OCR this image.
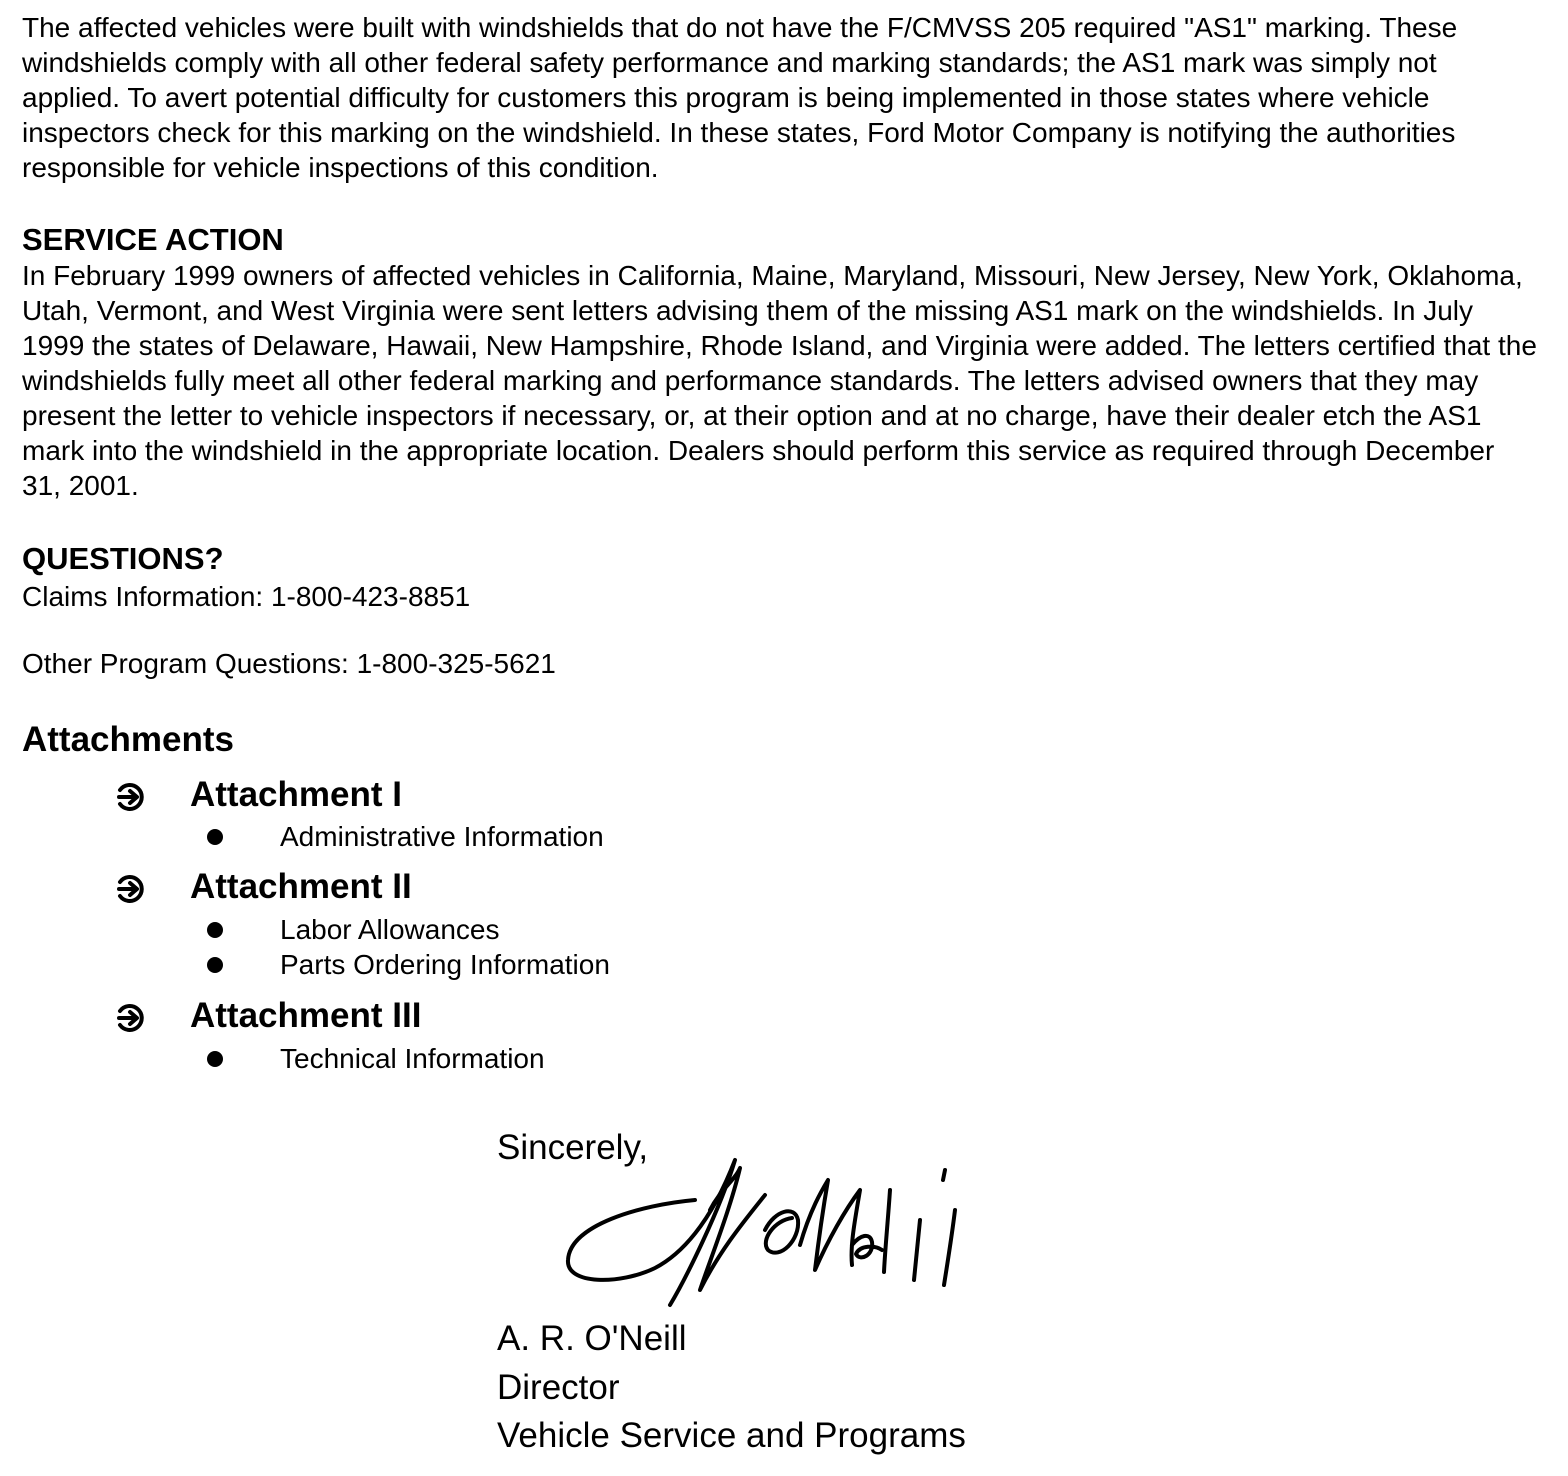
The affected vehicles were built with windshields that do not have the F/CMVSS 205 required "AS1" marking. These windshields comply with all other federal safety performance and marking standards; the AS1 mark was simply not applied. To avert potential difficulty for customers this program is being implemented in those states where vehicle inspectors check for this marking on the windshield. In these states, Ford Motor Company is notifying the authorities responsible for vehicle inspections of this condition.

SERVICE ACTION

In February 1999 owners of affected vehicles in California, Maine, Maryland, Missouri, New Jersey, New York, Oklahoma, Utah, Vermont, and West Virginia were sent letters advising them of the missing AS1 mark on the windshields. In July 1999 the states of Delaware, Hawaii, New Hampshire, Rhode Island, and Virginia were added. The letters certified that the windshields fully meet all other federal marking and performance standards. The letters advised owners that they may present the letter to vehicle inspectors if necessary, or, at their option and at no charge, have their dealer etch the AS1 mark into the windshield in the appropriate location. Dealers should perform this service as required through December 31, 2001.

QUESTIONS?

Claims Information: 1-800-423-8851

Other Program Questions: 1-800-325-5621

Attachments

Attachment I
Administrative Information
Attachment II
Labor Allowances
Parts Ordering Information
Attachment III
Technical Information
Sincerely,
A. R. O'Neill
Director
Vehicle Service and Programs
